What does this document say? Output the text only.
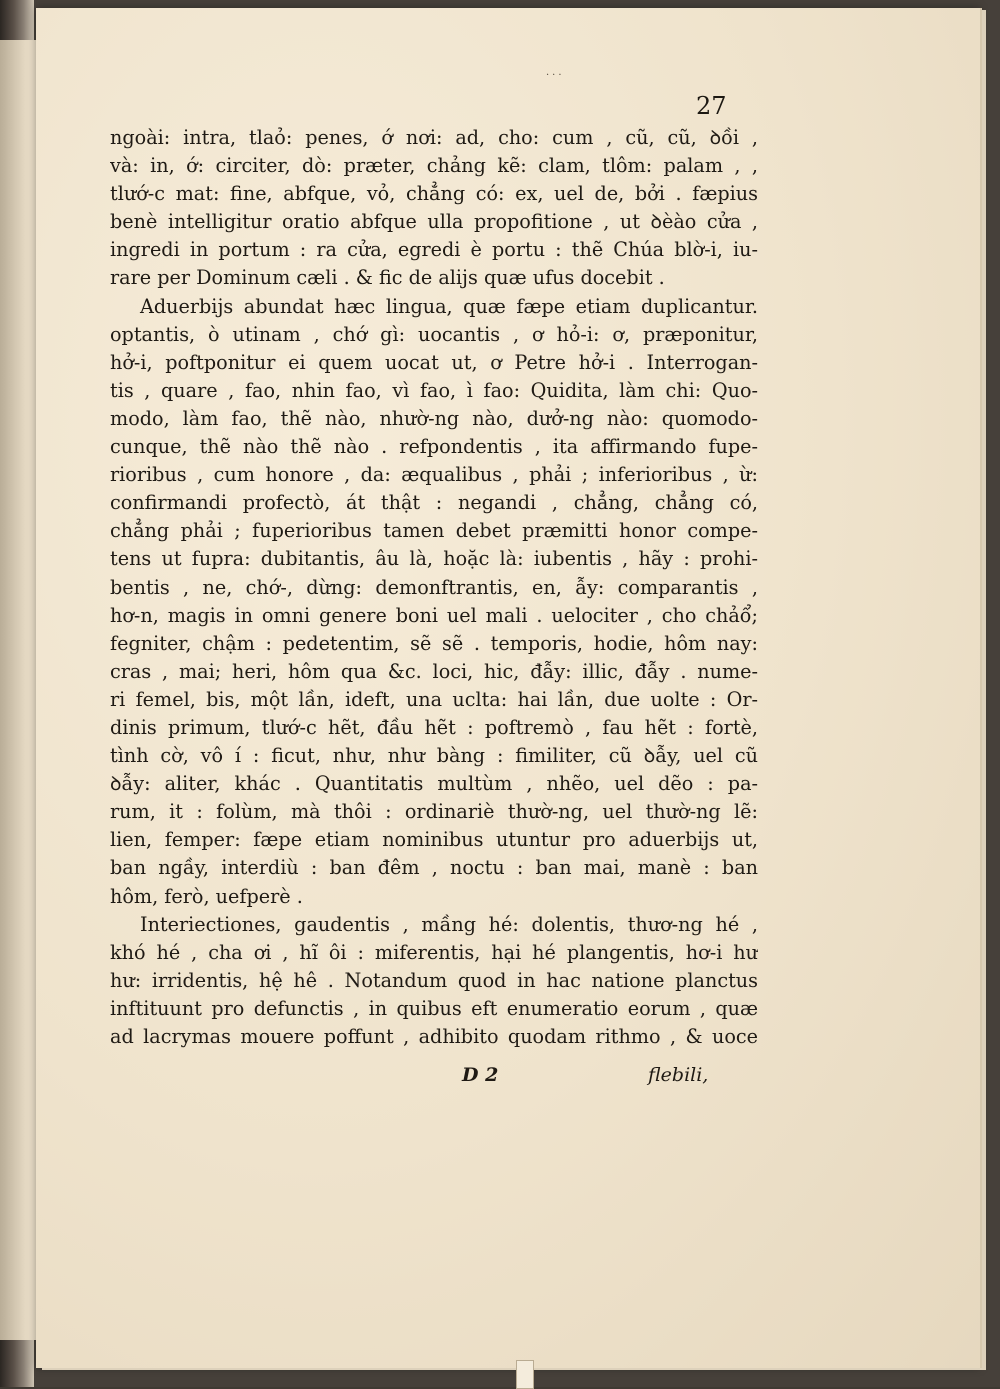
···
27
ngoài: intra, tlaỏ: penes, ớ nơi: ad, cho: cum , cũ, cũ, ꝺồi ,
và: in, ớ: circiter, dò: præter, chảng kẽ: clam, tlôm: palam , ,
tlướ-c mat: fine, abfque, vỏ, chẳng có: ex, uel de, bởi . fæpius
benè intelligitur oratio abfque ulla propofitione , ut ꝺèào cửa ,
ingredi in portum : ra cửa, egredi è portu : thẽ Chúa blờ-i, iu-
rare per Dominum cæli . & fic de alijs quæ ufus docebit .
Aduerbijs abundat hæc lingua, quæ fæpe etiam duplicantur.
optantis, ò utinam , chớ gì: uocantis , ơ hỏ-i: ơ, præponitur,
hở-i, poftponitur ei quem uocat ut, ơ Petre hở-i . Interrogan-
tis , quare , fao, nhin fao, vì fao, ì fao: Quidita, làm chi: Quo-
modo, làm fao, thẽ nào, nhườ-ng nào, dưở-ng nào: quomodo-
cunque, thẽ nào thẽ nào . refpondentis , ita affirmando fupe-
rioribus , cum honore , da: æqualibus , phải ; inferioribus , ừ:
confirmandi profectò, át thật : negandi , chẳng, chẳng có,
chẳng phải ; fuperioribus tamen debet præmitti honor compe-
tens ut fupra: dubitantis, âu là, hoặc là: iubentis , hãy : prohi-
bentis , ne, chớ-, dừng: demonftrantis, en, ẫy: comparantis ,
hơ-n, magis in omni genere boni uel mali . uelociter , cho chảổ;
fegniter, chậm : pedetentim, sẽ sẽ . temporis, hodie, hôm nay:
cras , mai; heri, hôm qua &c. loci, hic, đẫy: illic, đẫy . nume-
ri femel, bis, một lần, ideft, una uclta: hai lần, due uolte : Or-
dinis primum, tlướ-c hẽt, đầu hẽt : poftremò , fau hẽt : fortè,
tình cờ, vô í : ficut, như, như bàng : fimiliter, cũ ꝺẫy, uel cũ
ꝺẫy: aliter, khác . Quantitatis multùm , nhẽo, uel dẽo : pa-
rum, it : folùm, mà thôi : ordinariè thườ-ng, uel thườ-ng lẽ:
lien, femper: fæpe etiam nominibus utuntur pro aduerbijs ut,
ban ngầy, interdiù : ban đêm , noctu : ban mai, manè : ban
hôm, ferò, uefperè .
Interiectiones, gaudentis , mầng hé: dolentis, thươ-ng hé ,
khó hé , cha ơi , hĩ ôi : miferentis, hại hé plangentis, hơ-i hư
hư: irridentis, hệ hê . Notandum quod in hac natione planctus
inftituunt pro defunctis , in quibus eft enumeratio eorum , quæ
ad lacrymas mouere poffunt , adhibito quodam rithmo , & uoce
D 2	flebili,
